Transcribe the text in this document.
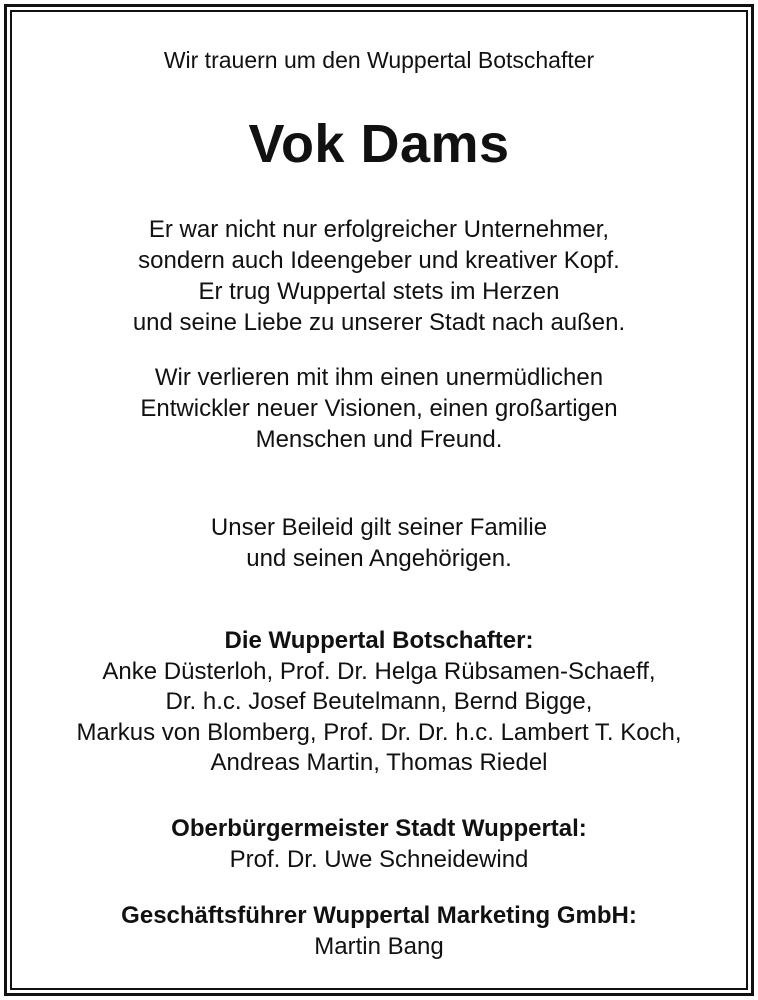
Wir trauern um den Wuppertal Botschafter
Vok Dams
Er war nicht nur erfolgreicher Unternehmer,
sondern auch Ideengeber und kreativer Kopf.
Er trug Wuppertal stets im Herzen
und seine Liebe zu unserer Stadt nach außen.
Wir verlieren mit ihm einen unermüdlichen
Entwickler neuer Visionen, einen großartigen
Menschen und Freund.
Unser Beileid gilt seiner Familie
und seinen Angehörigen.
Die Wuppertal Botschafter:
Anke Düsterloh, Prof. Dr. Helga Rübsamen-Schaeff,
Dr. h.c. Josef Beutelmann, Bernd Bigge,
Markus von Blomberg, Prof. Dr. Dr. h.c. Lambert T. Koch,
Andreas Martin, Thomas Riedel
Oberbürgermeister Stadt Wuppertal:
Prof. Dr. Uwe Schneidewind
Geschäftsführer Wuppertal Marketing GmbH:
Martin Bang
